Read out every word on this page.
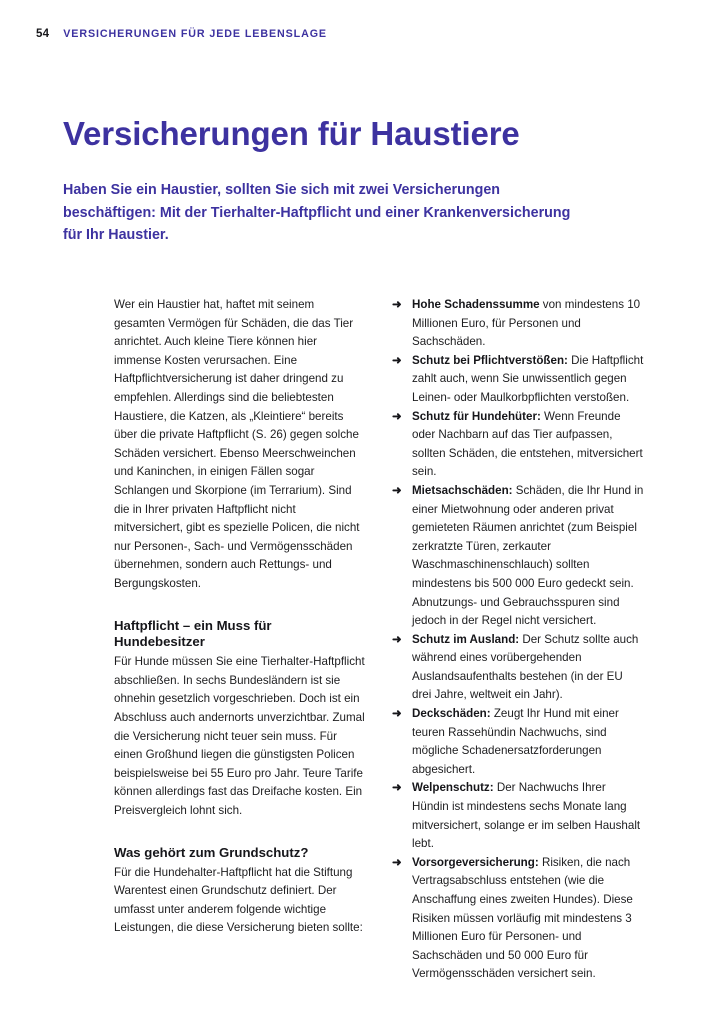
54 VERSICHERUNGEN FÜR JEDE LEBENSLAGE
Versicherungen für Haustiere

Haben Sie ein Haustier, sollten Sie sich mit zwei Versicherungen beschäftigen: Mit der Tierhalter-Haftpflicht und einer Krankenversicherung für Ihr Haustier.

Wer ein Haustier hat, haftet mit seinem gesamten Vermögen für Schäden, die das Tier anrichtet. Auch kleine Tiere können hier immense Kosten verursachen. Eine Haftpflichtversicherung ist daher dringend zu empfehlen. Allerdings sind die beliebtesten Haustiere, die Katzen, als „Kleintiere“ bereits über die private Haftpflicht (S. 26) gegen solche Schäden versichert. Ebenso Meerschweinchen und Kaninchen, in einigen Fällen sogar Schlangen und Skorpione (im Terrarium). Sind die in Ihrer privaten Haftpflicht nicht mitversichert, gibt es spezielle Policen, die nicht nur Personen-, Sach- und Vermögensschäden übernehmen, sondern auch Rettungs- und Bergungskosten.

Haftpflicht – ein Muss für Hundebesitzer

Für Hunde müssen Sie eine Tierhalter-Haftpflicht abschließen. In sechs Bundesländern ist sie ohnehin gesetzlich vorgeschrieben. Doch ist ein Abschluss auch andernorts unverzichtbar. Zumal die Versicherung nicht teuer sein muss. Für einen Großhund liegen die günstigsten Policen beispielsweise bei 55 Euro pro Jahr. Teure Tarife können allerdings fast das Dreifache kosten. Ein Preisvergleich lohnt sich.

Was gehört zum Grundschutz?

Für die Hundehalter-Haftpflicht hat die Stiftung Warentest einen Grundschutz definiert. Der umfasst unter anderem folgende wichtige Leistungen, die diese Versicherung bieten sollte:

➜ Hohe Schadenssumme von mindestens 10 Millionen Euro, für Personen und Sachschäden.
➜ Schutz bei Pflichtverstößen: Die Haftpflicht zahlt auch, wenn Sie unwissentlich gegen Leinen- oder Maulkorbpflichten verstoßen.
➜ Schutz für Hundehüter: Wenn Freunde oder Nachbarn auf das Tier aufpassen, sollten Schäden, die entstehen, mitversichert sein.
➜ Mietsachschäden: Schäden, die Ihr Hund in einer Mietwohnung oder anderen privat gemieteten Räumen anrichtet (zum Beispiel zerkratzte Türen, zerkauter Waschmaschinenschlauch) sollten mindestens bis 500 000 Euro gedeckt sein. Abnutzungs- und Gebrauchsspuren sind jedoch in der Regel nicht versichert.
➜ Schutz im Ausland: Der Schutz sollte auch während eines vorübergehenden Auslandsaufenthalts bestehen (in der EU drei Jahre, weltweit ein Jahr).
➜ Deckschäden: Zeugt Ihr Hund mit einer teuren Rassehündin Nachwuchs, sind mögliche Schadenersatzforderungen abgesichert.
➜ Welpenschutz: Der Nachwuchs Ihrer Hündin ist mindestens sechs Monate lang mitversichert, solange er im selben Haushalt lebt.
➜ Vorsorgeversicherung: Risiken, die nach Vertragsabschluss entstehen (wie die Anschaffung eines zweiten Hundes). Diese Risiken müssen vorläufig mit mindestens 3 Millionen Euro für Personen- und Sachschäden und 50 000 Euro für Vermögensschäden versichert sein.
